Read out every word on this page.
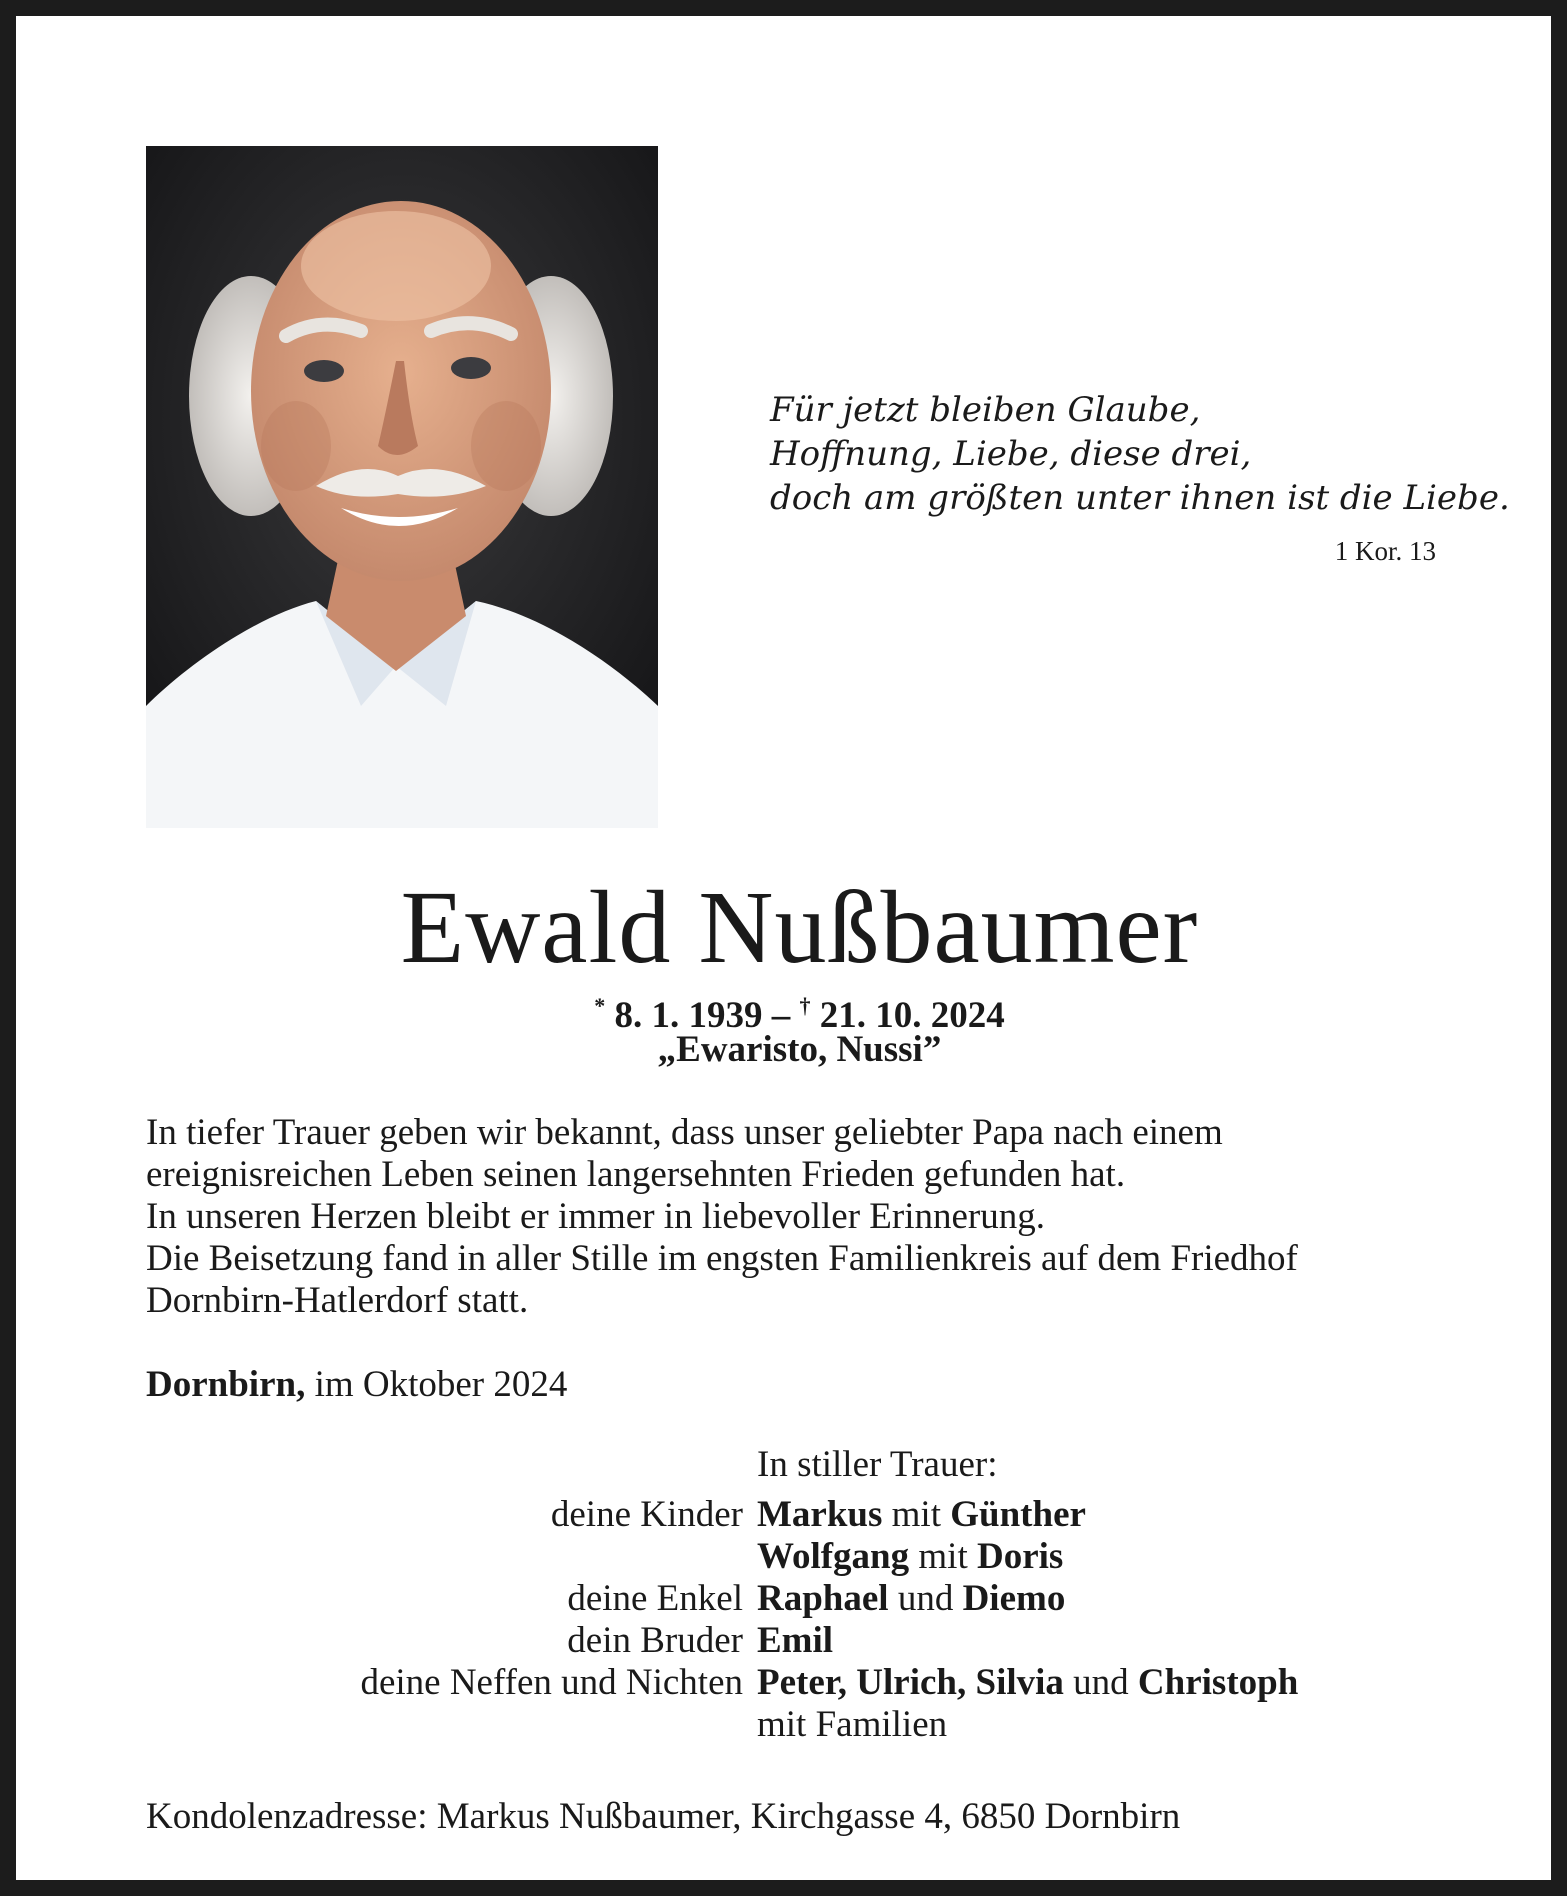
Für jetzt bleiben Glaube,
Hoffnung, Liebe, diese drei,
doch am größten unter ihnen ist die Liebe.
1 Kor. 13
Ewald Nußbaumer
* 8. 1. 1939 – † 21. 10. 2024
„Ewaristo, Nussi”
In tiefer Trauer geben wir bekannt, dass unser geliebter Papa nach einem
ereignisreichen Leben seinen langersehnten Frieden gefunden hat.
In unseren Herzen bleibt er immer in liebevoller Erinnerung.
Die Beisetzung fand in aller Stille im engsten Familienkreis auf dem Friedhof
Dornbirn-Hatlerdorf statt.
Dornbirn, im Oktober 2024
In stiller Trauer:
deine Kinder Markus mit Günther
Wolfgang mit Doris
deine Enkel Raphael und Diemo
dein Bruder Emil
deine Neffen und Nichten Peter, Ulrich, Silvia und Christoph
mit Familien
Kondolenzadresse: Markus Nußbaumer, Kirchgasse 4, 6850 Dornbirn
